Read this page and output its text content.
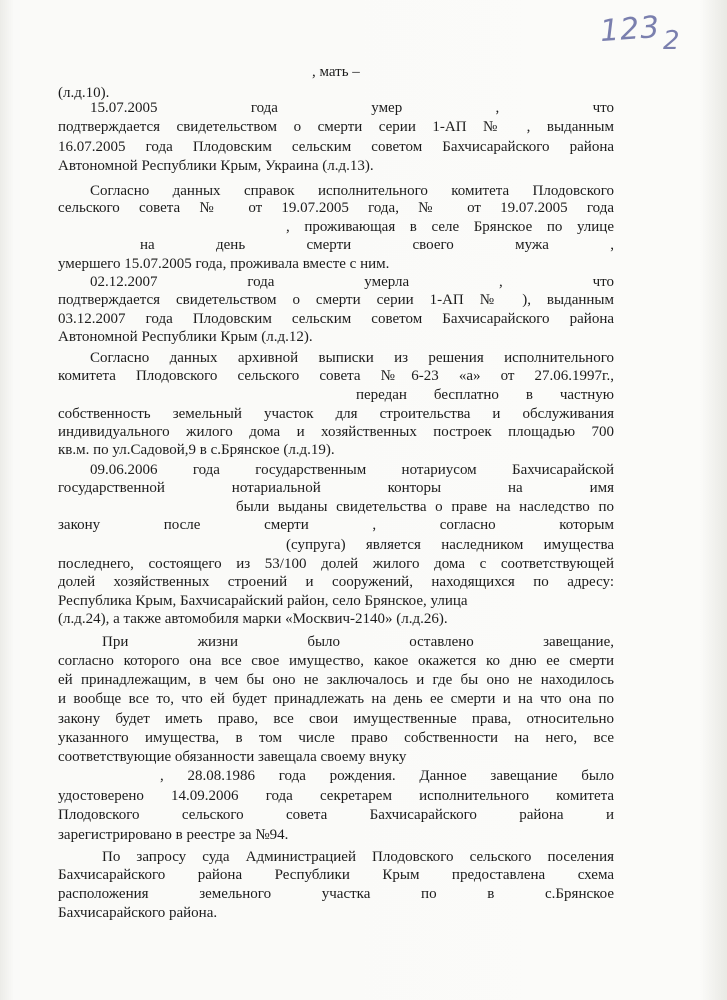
123 2
, мать –
(л.д.10).
15.07.2005 года умер , что
подтверждается свидетельством о смерти серии 1-АП № , выданным
16.07.2005 года Плодовским сельским советом Бахчисарайского района
Автономной Республики Крым, Украина (л.д.13).
Согласно данных справок исполнительного комитета Плодовского
сельского совета № от 19.07.2005 года, № от 19.07.2005 года
, проживающая в селе Брянское по улице
на день смерти своего мужа ,
умершего 15.07.2005 года, проживала вместе с ним.
02.12.2007 года умерла , что
подтверждается свидетельством о смерти серии 1-АП № ), выданным
03.12.2007 года Плодовским сельским советом Бахчисарайского района
Автономной Республики Крым (л.д.12).
Согласно данных архивной выписки из решения исполнительного
комитета Плодовского сельского совета №6-23 «а» от 27.06.1997г.,
передан бесплатно в частную
собственность земельный участок для строительства и обслуживания
индивидуального жилого дома и хозяйственных построек площадью 700
кв.м. по ул.Садовой,9 в с.Брянское (л.д.19).
09.06.2006 года государственным нотариусом Бахчисарайской
государственной нотариальной конторы на имя
были выданы свидетельства о праве на наследство по
закону после смерти , согласно которым
(супруга) является наследником имущества
последнего, состоящего из 53/100 долей жилого дома с соответствующей
долей хозяйственных строений и сооружений, находящихся по адресу:
Республика Крым, Бахчисарайский район, село Брянское, улица
(л.д.24), а также автомобиля марки «Москвич-2140» (л.д.26).
При жизни было оставлено завещание,
согласно которого она все свое имущество, какое окажется ко дню ее смерти
ей принадлежащим, в чем бы оно не заключалось и где бы оно не находилось
и вообще все то, что ей будет принадлежать на день ее смерти и на что она по
закону будет иметь право, все свои имущественные права, относительно
указанного имущества, в том числе право собственности на него, все
соответствующие обязанности завещала своему внуку
, 28.08.1986 года рождения. Данное завещание было
удостоверено 14.09.2006 года секретарем исполнительного комитета
Плодовского сельского совета Бахчисарайского района и
зарегистрировано в реестре за №94.
По запросу суда Администрацией Плодовского сельского поселения
Бахчисарайского района Республики Крым предоставлена схема
расположения земельного участка по в с.Брянское
Бахчисарайского района.
